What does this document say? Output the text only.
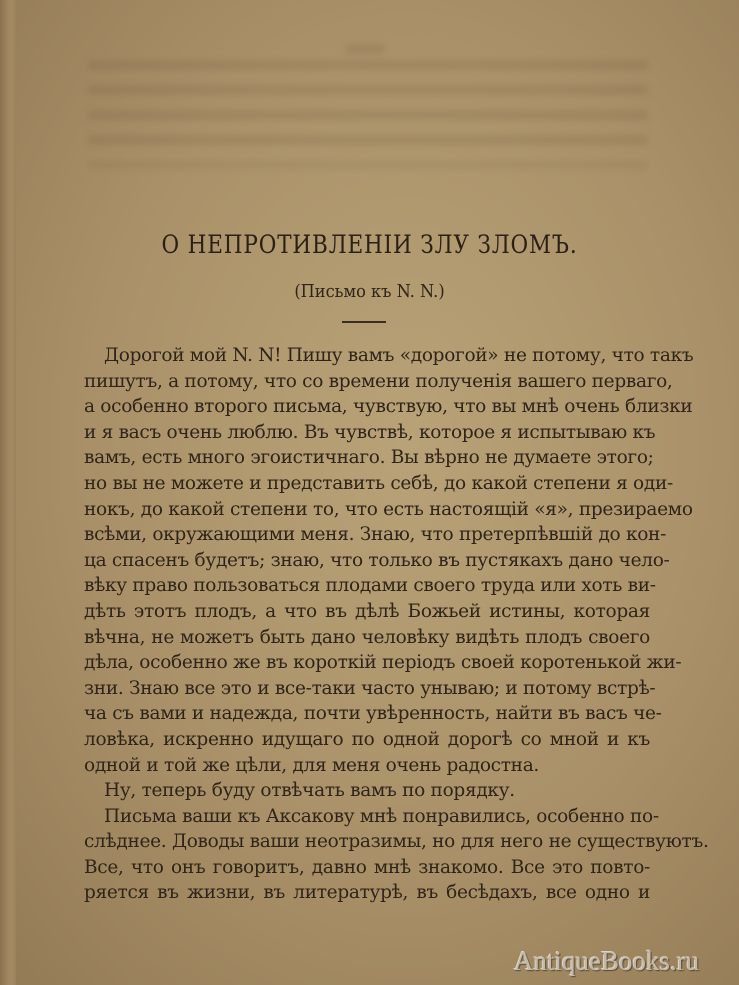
О НЕПРОТИВЛЕНІИ ЗЛУ ЗЛОМЪ.
(Письмо къ N. N.)
Дорогой мой N. N! Пишу вамъ «дорогой» не потому, что такъ
пишутъ, а потому, что со времени полученія вашего перваго,
а особенно второго письма, чувствую, что вы мнѣ очень близки
и я васъ очень люблю. Въ чувствѣ, которое я испытываю къ
вамъ, есть много эгоистичнаго. Вы вѣрно не думаете этого;
но вы не можете и представить себѣ, до какой степени я оди-
нокъ, до какой степени то, что есть настоящій «я», презираемо
всѣми, окружающими меня. Знаю, что претерпѣвшій до кон-
ца спасенъ будетъ; знаю, что только въ пустякахъ дано чело-
вѣку право пользоваться плодами своего труда или хоть ви-
дѣть этотъ плодъ, а что въ дѣлѣ Божьей истины, которая
вѣчна, не можетъ быть дано человѣку видѣть плодъ своего
дѣла, особенно же въ короткій періодъ своей коротенькой жи-
зни. Знаю все это и все-таки часто унываю; и потому встрѣ-
ча съ вами и надежда, почти увѣренность, найти въ васъ че-
ловѣка, искренно идущаго по одной дорогѣ со мной и къ
одной и той же цѣли, для меня очень радостна.
Ну, теперь буду отвѣчать вамъ по порядку.
Письма ваши къ Аксакову мнѣ понравились, особенно по-
слѣднее. Доводы ваши неотразимы, но для него не существуютъ.
Все, что онъ говоритъ, давно мнѣ знакомо. Все это повто-
ряется въ жизни, въ литературѣ, въ бесѣдахъ, все одно и
AntiqueBooks.ru
